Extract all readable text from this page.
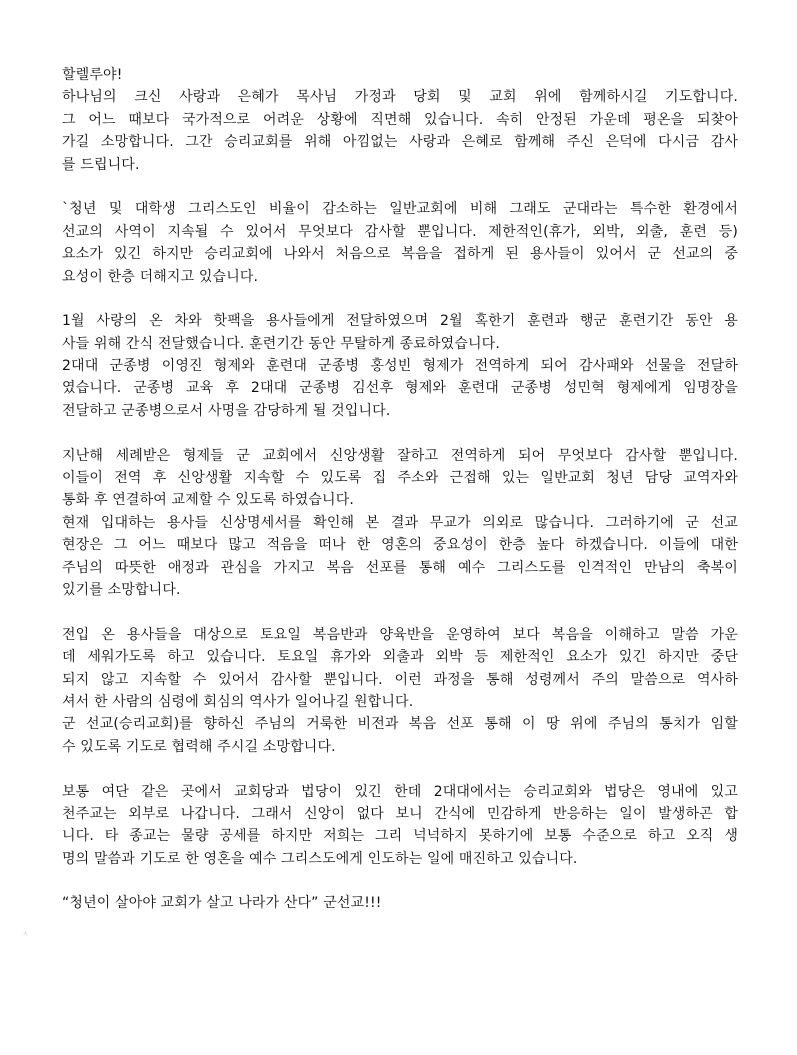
할렐루야!
하나님의 크신 사랑과 은혜가 목사님 가정과 당회 및 교회 위에 함께하시길 기도합니다.
그 어느 때보다 국가적으로 어려운 상황에 직면해 있습니다. 속히 안정된 가운데 평온을 되찾아
가길 소망합니다. 그간 승리교회를 위해 아낌없는 사랑과 은혜로 함께해 주신 은덕에 다시금 감사
를 드립니다.
`청년 및 대학생 그리스도인 비율이 감소하는 일반교회에 비해 그래도 군대라는 특수한 환경에서
선교의 사역이 지속될 수 있어서 무엇보다 감사할 뿐입니다. 제한적인(휴가, 외박, 외출, 훈련 등)
요소가 있긴 하지만 승리교회에 나와서 처음으로 복음을 접하게 된 용사들이 있어서 군 선교의 중
요성이 한층 더해지고 있습니다.
1월 사랑의 온 차와 핫팩을 용사들에게 전달하였으며 2월 혹한기 훈련과 행군 훈련기간 동안 용
사들 위해 간식 전달했습니다. 훈련기간 동안 무탈하게 종료하였습니다.
2대대 군종병 이영진 형제와 훈련대 군종병 홍성빈 형제가 전역하게 되어 감사패와 선물을 전달하
였습니다. 군종병 교육 후 2대대 군종병 김선후 형제와 훈련대 군종병 성민혁 형제에게 임명장을
전달하고 군종병으로서 사명을 감당하게 될 것입니다.
지난해 세례받은 형제들 군 교회에서 신앙생활 잘하고 전역하게 되어 무엇보다 감사할 뿐입니다.
이들이 전역 후 신앙생활 지속할 수 있도록 집 주소와 근접해 있는 일반교회 청년 담당 교역자와
통화 후 연결하여 교제할 수 있도록 하였습니다.
현재 입대하는 용사들 신상명세서를 확인해 본 결과 무교가 의외로 많습니다. 그러하기에 군 선교
현장은 그 어느 때보다 많고 적음을 떠나 한 영혼의 중요성이 한층 높다 하겠습니다. 이들에 대한
주님의 따뜻한 애정과 관심을 가지고 복음 선포를 통해 예수 그리스도를 인격적인 만남의 축복이
있기를 소망합니다.
전입 온 용사들을 대상으로 토요일 복음반과 양육반을 운영하여 보다 복음을 이해하고 말씀 가운
데 세워가도록 하고 있습니다. 토요일 휴가와 외출과 외박 등 제한적인 요소가 있긴 하지만 중단
되지 않고 지속할 수 있어서 감사할 뿐입니다. 이런 과정을 통해 성령께서 주의 말씀으로 역사하
셔서 한 사람의 심령에 회심의 역사가 일어나길 원합니다.
군 선교(승리교회)를 향하신 주님의 거룩한 비전과 복음 선포 통해 이 땅 위에 주님의 통치가 임할
수 있도록 기도로 협력해 주시길 소망합니다.
보통 여단 같은 곳에서 교회당과 법당이 있긴 한데 2대대에서는 승리교회와 법당은 영내에 있고
천주교는 외부로 나갑니다. 그래서 신앙이 없다 보니 간식에 민감하게 반응하는 일이 발생하곤 합
니다. 타 종교는 물량 공세를 하지만 저희는 그리 넉넉하지 못하기에 보통 수준으로 하고 오직 생
명의 말씀과 기도로 한 영혼을 예수 그리스도에게 인도하는 일에 매진하고 있습니다.
“청년이 살아야 교회가 살고 나라가 산다” 군선교!!!
ㅅ
